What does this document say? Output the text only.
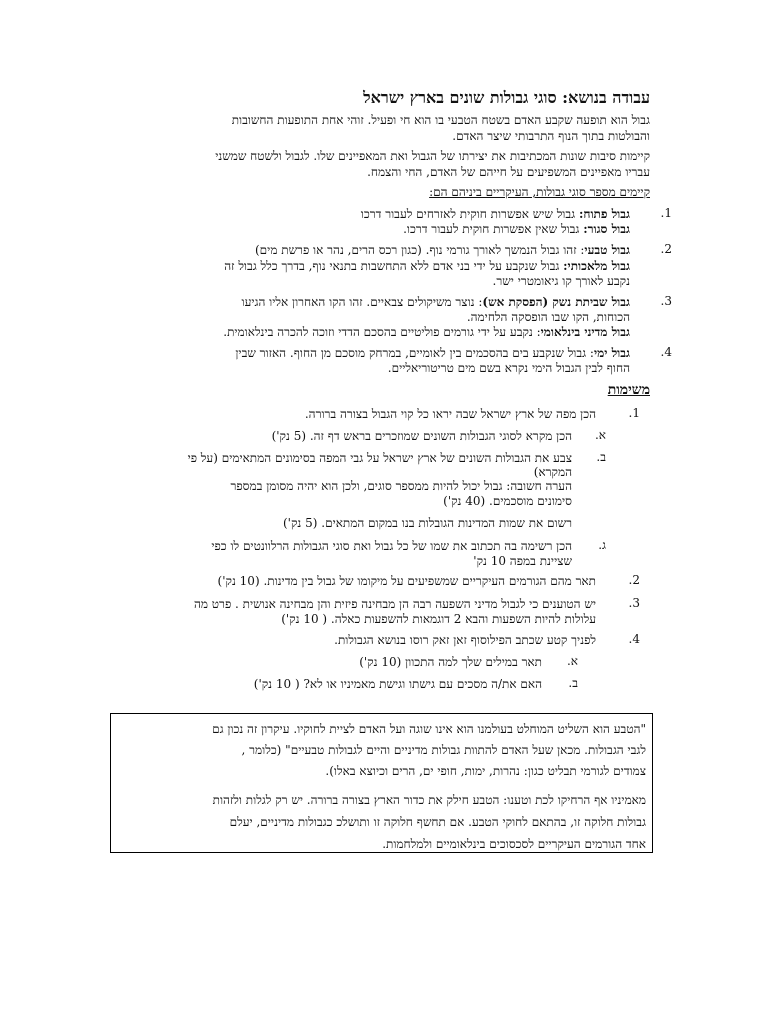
עבודה בנושא: סוגי גבולות שונים בארץ ישראל
גבול הוא תופעה שקבע האדם בשטח הטבעי בו הוא חי ופעיל. זוהי אחת התופעות החשובות
והבולטות בתוך הנוף התרבותי שיצר האדם.
קיימות סיבות שונות המכתיבות את יצירתו של הגבול ואת המאפיינים שלו. לגבול ולשטח שמשני
עבריו מאפיינים המשפיעים על חייהם של האדם, החי והצמח.
קיימים מספר סוגי גבולות, העיקריים ביניהם הם:
1.
גבול פתוח: גבול שיש אפשרות חוקית לאזרחים לעבור דרכו
גבול סגור: גבול שאין אפשרות חוקית לעבור דרכו.
2.
גבול טבעי: זהו גבול הנמשך לאורך גורמי נוף. (כגון רכס הרים, נהר או פרשת מים)
גבול מלאכותי: גבול שנקבע על ידי בני אדם ללא התחשבות בתנאי נוף, בדרך כלל גבול זה
נקבע לאורך קו גיאומטרי ישר.
3.
גבול שביתת נשק (הפסקת אש): נוצר משיקולים צבאיים. זהו הקו האחרון אליו הגיעו
הכוחות, הקו שבו הופסקה הלחימה.
גבול מדיני בינלאומי: נקבע על ידי גורמים פוליטיים בהסכם הדדי וזוכה להכרה בינלאומית.
4.
גבול ימי: גבול שנקבע בים בהסכמים בין לאומיים, במרחק מוסכם מן החוף. האזור שבין
החוף לבין הגבול הימי נקרא בשם מים טריטוריאליים.
משימות
1.
הכן מפה של ארץ ישראל שבה יראו כל קוי הגבול בצורה ברורה.
א.
הכן מקרא לסוגי הגבולות השונים שמוזכרים בראש דף זה. (5 נק')
ב.
צבע את הגבולות השונים של ארץ ישראל על גבי המפה בסימונים המתאימים (על פי
המקרא)
הערה חשובה: גבול יכול להיות ממספר סוגים, ולכן הוא יהיה מסומן במספר
סימונים מוסכמים. (40 נק')
רשום את שמות המדינות הגובלות בנו במקום המתאים. (5 נק')
ג.
הכן רשימה בה תכתוב את שמו של כל גבול ואת סוגי הגבולות הרלוונטים לו כפי
שציינת במפה 10 נק'
2.
תאר מהם הגורמים העיקריים שמשפיעים על מיקומו של גבול בין מדינות. (10 נק')
3.
יש הטוענים כי לגבול מדיני השפעה רבה הן מבחינה פיזית והן מבחינה אנושית . פרט מה
עלולות להיות השפעות והבא 2 דוגמאות להשפעות כאלה. ( 10 נק')
4.
לפניך קטע שכתב הפילוסוף זאן זאק רוסו בנושא הגבולות.
א.
תאר במילים שלך למה התכוון (10 נק')
ב.
האם את/ה מסכים עם גישתו וגישת מאמיניו או לא? ( 10 נק')
"הטבע הוא השליט המוחלט בעולמנו הוא אינו שוגה ועל האדם לציית לחוקיו. עיקרון זה נכון גם
לגבי הגבולות. מכאן שעל האדם להתוות גבולות מדיניים והיים לגבולות טבעיים" (כלומר ,
צמודים לגורמי תבליט כגון: נהרות, ימות, חופי ים, הרים וכיוצא באלו).
מאמיניו אף הרחיקו לכת וטענו: הטבע חילק את כדור הארץ בצורה ברורה. יש רק לגלות ולזהות
גבולות חלוקה זו, בהתאם לחוקי הטבע. אם תחשף חלוקה זו ותושלכ כגבולות מדיניים, יעלם
אחד הגורמים העיקריים לסכסוכים בינלאומיים ולמלחמות.
